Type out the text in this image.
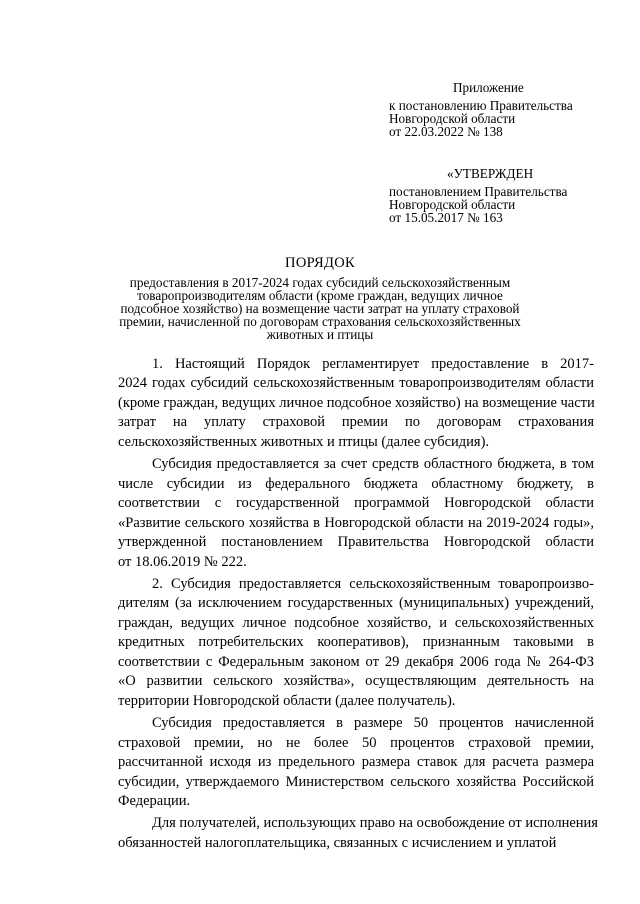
Приложение
к постановлению Правительства
Новгородской области
от 22.03.2022 № 138
«УТВЕРЖДЕН
постановлением Правительства
Новгородской области
от 15.05.2017 № 163
ПОРЯДОК
предоставления в 2017-2024 годах субсидий сельскохозяйственным
товаропроизводителям области (кроме граждан, ведущих личное
подсобное хозяйство) на возмещение части затрат на уплату страховой
премии, начисленной по договорам страхования сельскохозяйственных
животных и птицы
1. Настоящий Порядок регламентирует предоставление в 2017-
2024 годах субсидий сельскохозяйственным товаропроизводителям области
(кроме граждан, ведущих личное подсобное хозяйство) на возмещение части
затрат на уплату страховой премии по договорам страхования
сельскохозяйственных животных и птицы (далее субсидия).
Субсидия предоставляется за счет средств областного бюджета, в том
числе субсидии из федерального бюджета областному бюджету, в
соответствии с государственной программой Новгородской области
«Развитие сельского хозяйства в Новгородской области на 2019-2024 годы»,
утвержденной постановлением Правительства Новгородской области
от 18.06.2019 № 222.
2. Субсидия предоставляется сельскохозяйственным товаропроизво-
дителям (за исключением государственных (муниципальных) учреждений,
граждан, ведущих личное подсобное хозяйство, и сельскохозяйственных
кредитных потребительских кооперативов), признанным таковыми в
соответствии с Федеральным законом от 29 декабря 2006 года № 264-ФЗ
«О развитии сельского хозяйства», осуществляющим деятельность на
территории Новгородской области (далее получатель).
Субсидия предоставляется в размере 50 процентов начисленной
страховой премии, но не более 50 процентов страховой премии,
рассчитанной исходя из предельного размера ставок для расчета размера
субсидии, утверждаемого Министерством сельского хозяйства Российской
Федерации.
Для получателей, использующих право на освобождение от исполнения
обязанностей налогоплательщика, связанных с исчислением и уплатой
